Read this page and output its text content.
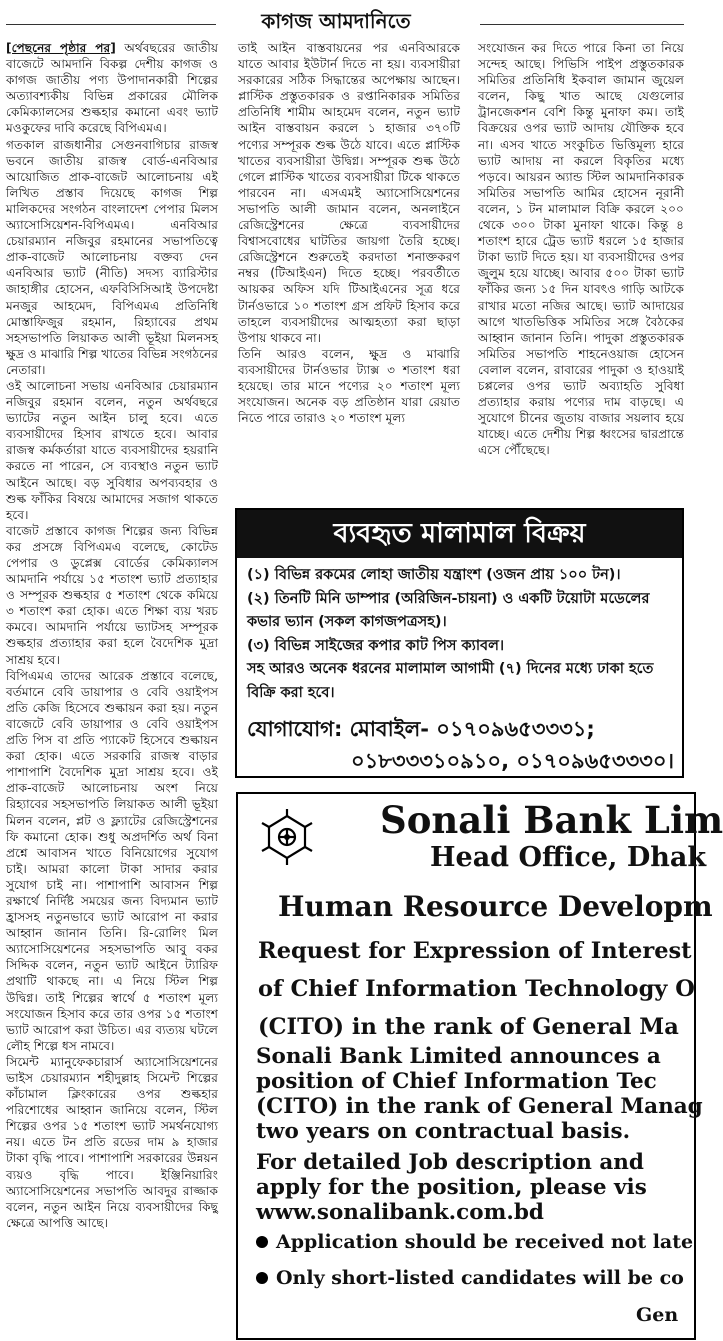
কাগজ আমদানিতে

[পেছনের পৃষ্ঠার পর] অর্থবছরের জাতীয় বাজেটে আমদানি বিকল্প দেশীয় কাগজ ও কাগজ জাতীয় পণ্য উপাদানকারী শিল্পের অত্যাবশ্যকীয় বিভিন্ন প্রকারের মৌলিক কেমিক্যালসের শুল্কহার কমানো এবং ভ্যাট মওকুফের দাবি করেছে বিপিএমএ।

গতকাল রাজধানীর সেগুনবাগিচার রাজস্ব ভবনে জাতীয় রাজস্ব বোর্ড-এনবিআর আয়োজিত প্রাক-বাজেট আলোচনায় এই লিখিত প্রস্তাব দিয়েছে কাগজ শিল্প মালিকদের সংগঠন বাংলাদেশ পেপার মিলস অ্যাসোসিয়েশন-বিপিএমএ। এনবিআর চেয়ারম্যান নজিবুর রহমানের সভাপতিত্বে প্রাক-বাজেট আলোচনায় বক্তব্য দেন এনবিআর ভ্যাট (নীতি) সদস্য ব্যারিস্টার জাহাঙ্গীর হোসেন, এফবিসিসিআই উপদেষ্টা মনজুর আহমেদ, বিপিএমএ প্রতিনিধি মোস্তাফিজুর রহমান, রিহ্যাবের প্রথম সহসভাপতি লিয়াকত আলী ভূইয়া মিলনসহ ক্ষুদ্র ও মাঝারি শিল্প খাতের বিভিন্ন সংগঠনের নেতারা।

ওই আলোচনা সভায় এনবিআর চেয়ারম্যান নজিবুর রহমান বলেন, নতুন অর্থবছরে ভ্যাটের নতুন আইন চালু হবে। এতে ব্যবসায়ীদের হিসাব রাখতে হবে। আবার রাজস্ব কর্মকর্তারা যাতে ব্যবসায়ীদের হয়রানি করতে না পারেন, সে ব্যবস্থাও নতুন ভ্যাট আইনে আছে। বড় সুবিধার অপব্যবহার ও শুল্ক ফাঁকির বিষয়ে আমাদের সজাগ থাকতে হবে।

বাজেট প্রস্তাবে কাগজ শিল্পের জন্য বিভিন্ন কর প্রসঙ্গে বিপিএমএ বলেছে, কোটেড পেপার ও ডুপ্লেক্স বোর্ডের কেমিক্যালস আমদানি পর্যায়ে ১৫ শতাংশ ভ্যাট প্রত্যাহার ও সম্পূরক শুল্কহার ৫ শতাংশ থেকে কমিয়ে ৩ শতাংশ করা হোক। এতে শিক্ষা ব্যয় খরচ কমবে। আমদানি পর্যায়ে ভ্যাটসহ সম্পূরক শুল্কহার প্রত্যাহার করা হলে বৈদেশিক মুদ্রা সাশ্রয় হবে।

বিপিএমএ তাদের আরেক প্রস্তাবে বলেছে, বর্তমানে বেবি ডায়াপার ও বেবি ওয়াইপস প্রতি কেজি হিসেবে শুল্কায়ন করা হয়। নতুন বাজেটে বেবি ডায়াপার ও বেবি ওয়াইপস প্রতি পিস বা প্রতি প্যাকেট হিসেবে শুল্কায়ন করা হোক। এতে সরকারি রাজস্ব বাড়ার পাশাপাশি বৈদেশিক মুদ্রা সাশ্রয় হবে। ওই প্রাক-বাজেট আলোচনায় অংশ নিয়ে রিহ্যাবের সহসভাপতি লিয়াকত আলী ভূইয়া মিলন বলেন, প্লট ও ফ্ল্যাটের রেজিস্ট্রেশনের ফি কমানো হোক। শুধু অপ্রদর্শিত অর্থ বিনা প্রশ্নে আবাসন খাতে বিনিয়োগের সুযোগ চাই। আমরা কালো টাকা সাদার করার সুযোগ চাই না। পাশাপাশি আবাসন শিল্প রক্ষার্থে নির্দিষ্ট সময়ের জন্য বিদ্যমান ভ্যাট হ্রাসসহ নতুনভাবে ভ্যাট আরোপ না করার আহ্বান জানান তিনি। রি-রোলিং মিল অ্যাসোসিয়েশনের সহসভাপতি আবু বকর সিদ্দিক বলেন, নতুন ভ্যাট আইনে ট্যারিফ প্রথাটি থাকছে না। এ নিয়ে স্টিল শিল্প উদ্বিগ্ন। তাই শিল্পের স্বার্থে ৫ শতাংশ মূল্য সংযোজন হিসাব করে তার ওপর ১৫ শতাংশ ভ্যাট আরোপ করা উচিত। এর ব্যত্যয় ঘটলে লৌহ শিল্পে ধস নামবে।

সিমেন্ট ম্যানুফেকচারার্স অ্যাসোসিয়েশনের ভাইস চেয়ারম্যান শহীদুল্লাহ সিমেন্ট শিল্পের কাঁচামাল ক্লিংকারের ওপর শুল্কহার পরিশোধের আহ্বান জানিয়ে বলেন, স্টিল শিল্পের ওপর ১৫ শতাংশ ভ্যাট সমর্থনযোগ্য নয়। এতে টন প্রতি রডের দাম ৯ হাজার টাকা বৃদ্ধি পাবে। পাশাপাশি সরকারের উন্নয়ন ব্যয়ও বৃদ্ধি পাবে। ইঞ্জিনিয়ারিং অ্যাসোসিয়েশনের সভাপতি আবদুর রাজ্জাক বলেন, নতুন আইন নিয়ে ব্যবসায়ীদের কিছু ক্ষেত্রে আপত্তি আছে।

তাই আইন বাস্তবায়নের পর এনবিআরকে যাতে আবার ইউটার্ন দিতে না হয়। ব্যবসায়ীরা সরকারের সঠিক সিদ্ধান্তের অপেক্ষায় আছেন। প্লাস্টিক প্রস্তুতকারক ও রপ্তানিকারক সমিতির প্রতিনিধি শামীম আহমেদ বলেন, নতুন ভ্যাট আইন বাস্তবায়ন করলে ১ হাজার ৩৭০টি পণ্যের সম্পূরক শুল্ক উঠে যাবে। এতে প্লাস্টিক খাতের ব্যবসায়ীরা উদ্বিগ্ন। সম্পূরক শুল্ক উঠে গেলে প্লাস্টিক খাতের ব্যবসায়ীরা টিকে থাকতে পারবেন না। এসএমই অ্যাসোসিয়েশনের সভাপতি আলী জামান বলেন, অনলাইনে রেজিস্ট্রেশনের ক্ষেত্রে ব্যবসায়ীদের বিশ্বাসবোধের ঘাটতির জায়গা তৈরি হচ্ছে। রেজিস্ট্রেশনে শুরুতেই করদাতা শনাক্তকরণ নম্বর (টিআইএন) দিতে হচ্ছে। পরবর্তীতে আয়কর অফিস যদি টিআইএনের সূত্র ধরে টার্নওভারে ১০ শতাংশ গ্রস প্রফিট হিসাব করে তাহলে ব্যবসায়ীদের আত্মহত্যা করা ছাড়া উপায় থাকবে না।

তিনি আরও বলেন, ক্ষুদ্র ও মাঝারি ব্যবসায়ীদের টার্নওভার ট্যাক্স ৩ শতাংশ ধরা হয়েছে। তার মানে পণ্যের ২০ শতাংশ মূল্য সংযোজন। অনেক বড় প্রতিষ্ঠান যারা রেয়াত নিতে পারে তারাও ২০ শতাংশ মূল্য

সংযোজন কর দিতে পারে কিনা তা নিয়ে সন্দেহ আছে। পিভিসি পাইপ প্রস্তুতকারক সমিতির প্রতিনিধি ইকবাল জামান জুয়েল বলেন, কিছু খাত আছে যেগুলোর ট্রানজেকশন বেশি কিন্তু মুনাফা কম। তাই বিক্রয়ের ওপর ভ্যাট আদায় যৌক্তিক হবে না। এসব খাতে সংকুচিত ভিত্তিমূল্য হারে ভ্যাট আদায় না করলে বিকৃতির মধ্যে পড়বে। আয়রন অ্যান্ড স্টিল আমদানিকারক সমিতির সভাপতি আমির হোসেন নূরানী বলেন, ১ টন মালামাল বিক্রি করলে ২০০ থেকে ৩০০ টাকা মুনাফা থাকে। কিন্তু ৪ শতাংশ হারে ট্রেড ভ্যাট ধরলে ১৫ হাজার টাকা ভ্যাট দিতে হয়। যা ব্যবসায়ীদের ওপর জুলুম হয়ে যাচ্ছে। আবার ৫০০ টাকা ভ্যাট ফাঁকির জন্য ১৫ দিন যাবৎও গাড়ি আটকে রাখার মতো নজির আছে। ভ্যাট আদায়ের আগে খাতভিত্তিক সমিতির সঙ্গে বৈঠকের আহ্বান জানান তিনি। পাদুকা প্রস্তুতকারক সমিতির সভাপতি শাহনেওয়াজ হোসেন বেলাল বলেন, রাবারের পাদুকা ও হাওয়াই চপ্পলের ওপর ভ্যাট অব্যাহতি সুবিধা প্রত্যাহার করায় পণ্যের দাম বাড়ছে। এ সুযোগে চীনের জুতায় বাজার সয়লাব হয়ে যাচ্ছে। এতে দেশীয় শিল্প ধ্বংসের দ্বারপ্রান্তে এসে পৌঁছেছে।

ব্যবহৃত মালামাল বিক্রয়

(১) বিভিন্ন রকমের লোহা জাতীয় যন্ত্রাংশ (ওজন প্রায় ১০০ টন)।

(২) তিনটি মিনি ডাম্পার (অরিজিন-চায়না) ও একটি টয়োটা মডেলের কভার ভ্যান (সকল কাগজপত্রসহ)।

(৩) বিভিন্ন সাইজের কপার কাট পিস ক্যাবল।

সহ আরও অনেক ধরনের মালামাল আগামী (৭) দিনের মধ্যে ঢাকা হতে বিক্রি করা হবে।

যোগাযোগ: মোবাইল- ০১৭০৯৬৫৩৩৩১;
০১৮৩৩৩১০৯১০, ০১৭০৯৬৫৩৩৩০।
Sonali Bank Lim
Head Office, Dhak
Human Resource Developm
Request for Expression of Interest
of Chief Information Technology O
(CITO) in the rank of General Ma
Sonali Bank Limited announces a
position of Chief Information Tec
(CITO) in the rank of General Manag
two years on contractual basis.
For detailed Job description and
apply for the position, please vis
www.sonalibank.com.bd
Application should be received not late
Only short-listed candidates will be co
Gen
